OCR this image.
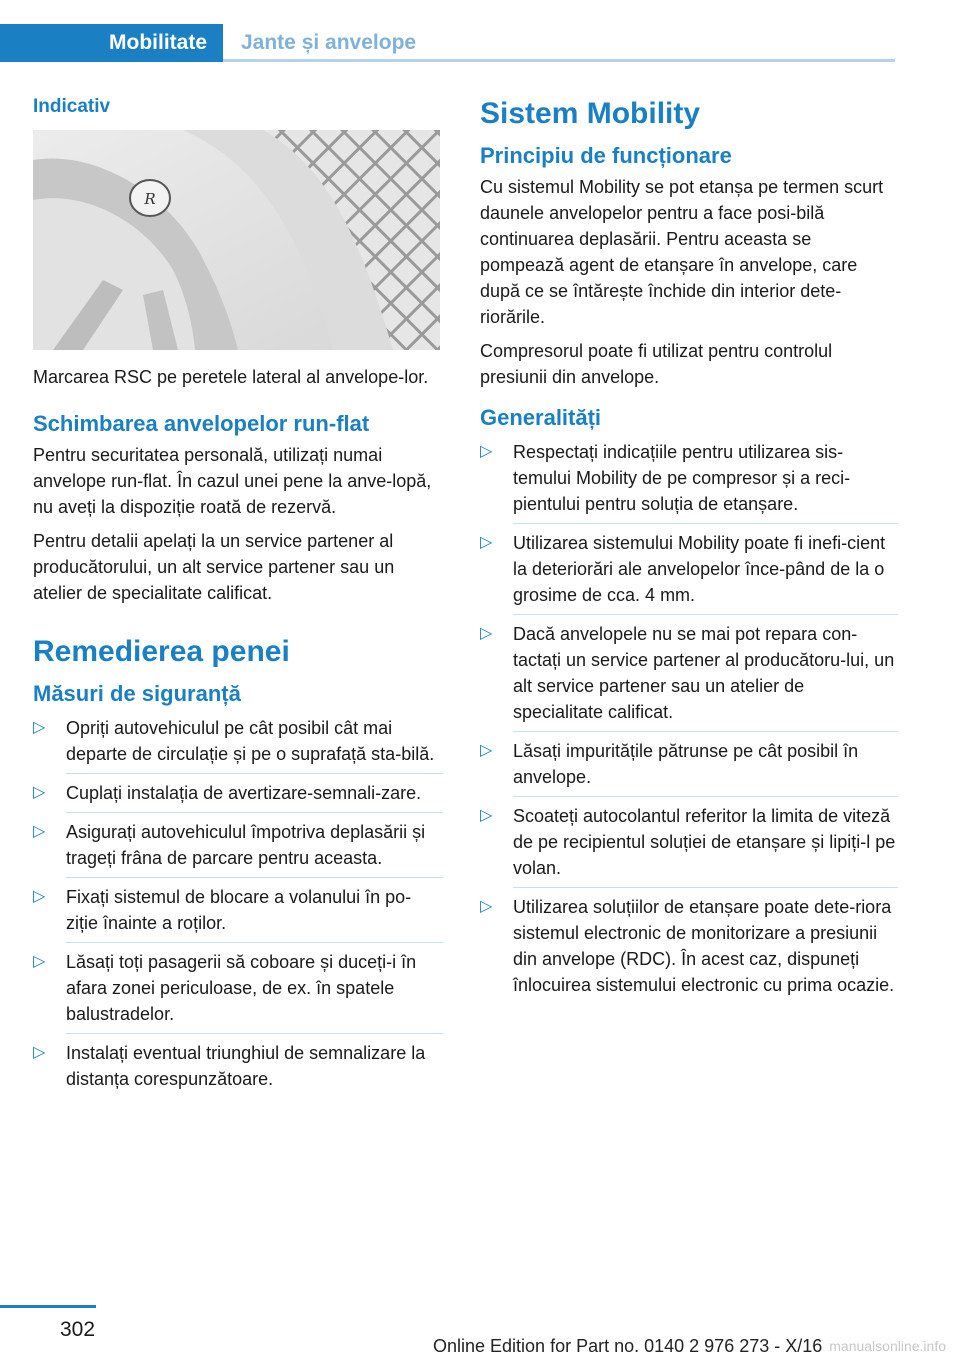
Mobilitate Jante și anvelope
Indicativ
R

Marcarea RSC pe peretele lateral al anvelope-lor.

Schimbarea anvelopelor run-flat

Pentru securitatea personală, utilizați numai anvelope run-flat. În cazul unei pene la anve-lopă, nu aveți la dispoziție roată de rezervă.

Pentru detalii apelați la un service partener al producătorului, un alt service partener sau un atelier de specialitate calificat.

Remedierea penei
Măsuri de siguranță
▷ Opriți autovehiculul pe cât posibil cât mai departe de circulație și pe o suprafață sta-bilă.
▷ Cuplați instalația de avertizare-semnali-zare.
▷ Asigurați autovehiculul împotriva deplasării și trageți frâna de parcare pentru aceasta.
▷ Fixați sistemul de blocare a volanului în po-ziție înainte a roților.
▷ Lăsați toți pasagerii să coboare și duceți-i în afara zonei periculoase, de ex. în spatele balustradelor.
▷ Instalați eventual triunghiul de semnalizare la distanța corespunzătoare.
Sistem Mobility
Principiu de funcționare

Cu sistemul Mobility se pot etanșa pe termen scurt daunele anvelopelor pentru a face posi-bilă continuarea deplasării. Pentru aceasta se pompează agent de etanșare în anvelope, care după ce se întărește închide din interior dete-riorările.

Compresorul poate fi utilizat pentru controlul presiunii din anvelope.

Generalități
▷ Respectați indicațiile pentru utilizarea sis-temului Mobility de pe compresor și a reci-pientului pentru soluția de etanșare.
▷ Utilizarea sistemului Mobility poate fi inefi-cient la deteriorări ale anvelopelor înce-pând de la o grosime de cca. 4 mm.
▷ Dacă anvelopele nu se mai pot repara con-tactați un service partener al producătoru-lui, un alt service partener sau un atelier de specialitate calificat.
▷ Lăsați impuritățile pătrunse pe cât posibil în anvelope.
▷ Scoateți autocolantul referitor la limita de viteză de pe recipientul soluției de etanșare și lipiți-l pe volan.
▷ Utilizarea soluțiilor de etanșare poate dete-riora sistemul electronic de monitorizare a presiunii din anvelope (RDC). În acest caz, dispuneți înlocuirea sistemului electronic cu prima ocazie.
302
Online Edition for Part no. 0140 2 976 273 - X/16 manualsonline.info
